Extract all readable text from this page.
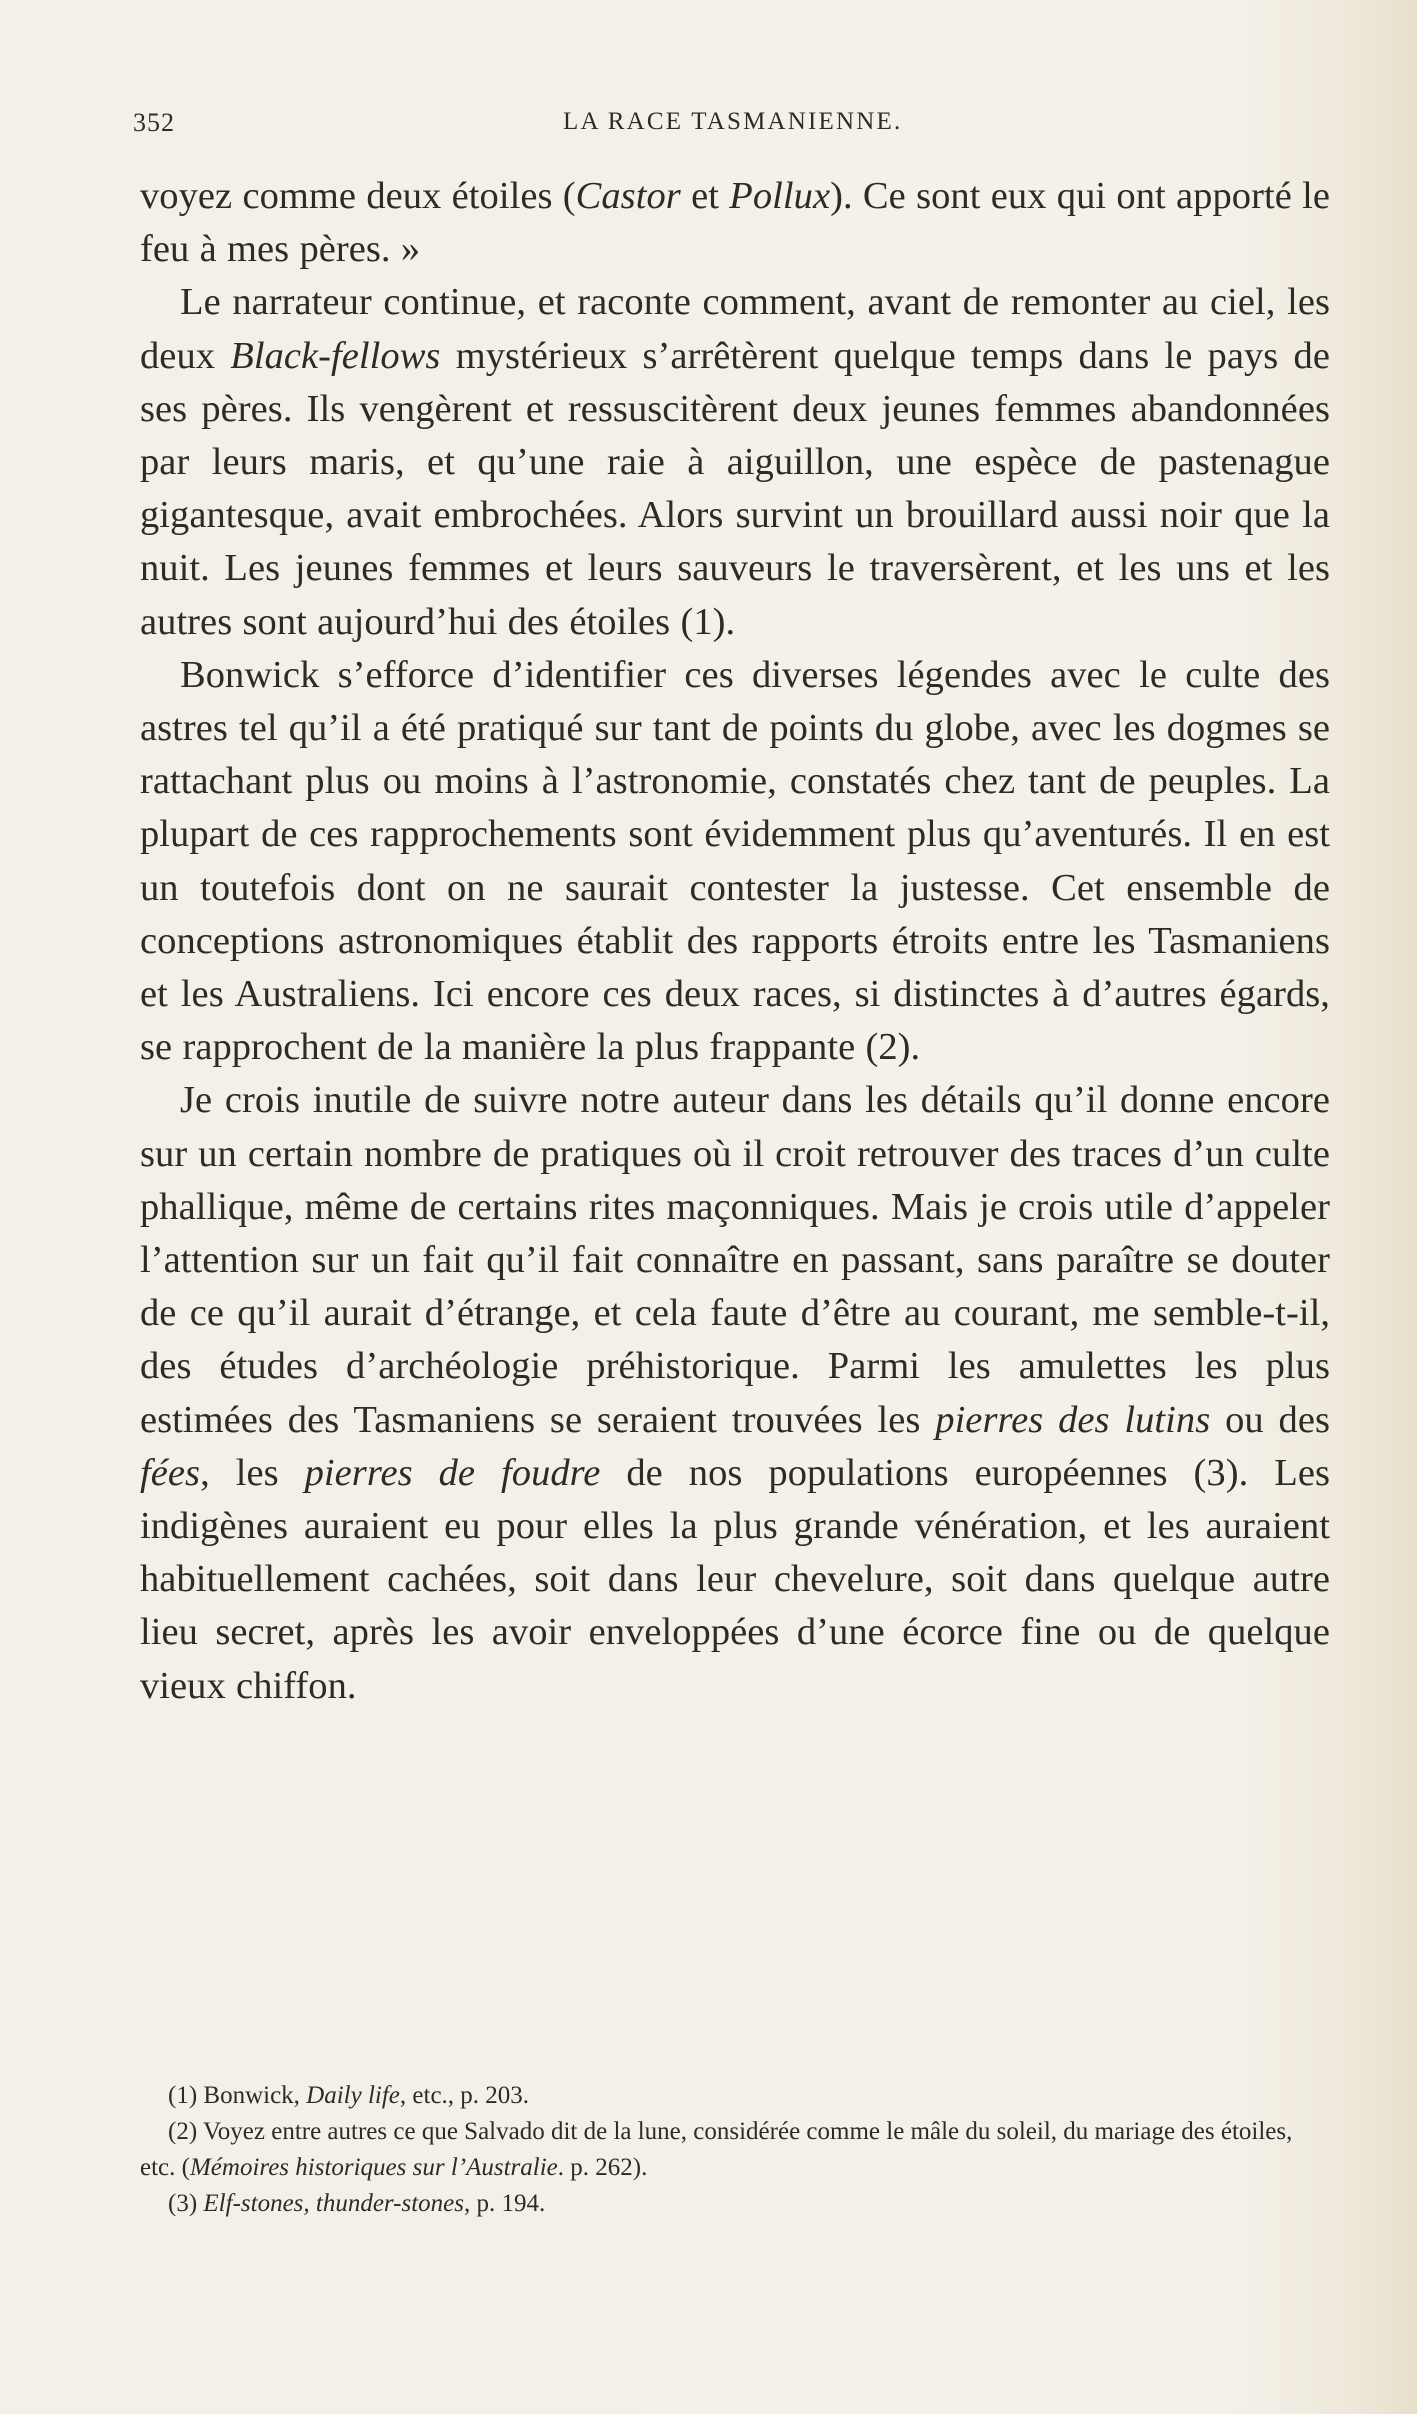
352	LA RACE TASMANIENNE.

voyez comme deux étoiles (Castor et Pollux). Ce sont eux qui ont apporté le feu à mes pères. »

Le narrateur continue, et raconte comment, avant de remonter au ciel, les deux Black-fellows mystérieux s’arrêtèrent quelque temps dans le pays de ses pères. Ils vengèrent et ressuscitèrent deux jeunes femmes abandonnées par leurs maris, et qu’une raie à aiguillon, une espèce de pastenague gigantesque, avait embrochées. Alors survint un brouillard aussi noir que la nuit. Les jeunes femmes et leurs sauveurs le traversèrent, et les uns et les autres sont aujourd’hui des étoiles (1).

Bonwick s’efforce d’identifier ces diverses légendes avec le culte des astres tel qu’il a été pratiqué sur tant de points du globe, avec les dogmes se rattachant plus ou moins à l’astronomie, constatés chez tant de peuples. La plupart de ces rapprochements sont évidemment plus qu’aventurés. Il en est un toutefois dont on ne saurait contester la justesse. Cet ensemble de conceptions astronomiques établit des rapports étroits entre les Tasmaniens et les Australiens. Ici encore ces deux races, si distinctes à d’autres égards, se rapprochent de la manière la plus frappante (2).

Je crois inutile de suivre notre auteur dans les détails qu’il donne encore sur un certain nombre de pratiques où il croit retrouver des traces d’un culte phallique, même de certains rites maçonniques. Mais je crois utile d’appeler l’attention sur un fait qu’il fait connaître en passant, sans paraître se douter de ce qu’il aurait d’étrange, et cela faute d’être au courant, me semble-t-il, des études d’archéologie préhistorique. Parmi les amulettes les plus estimées des Tasmaniens se seraient trouvées les pierres des lutins ou des fées, les pierres de foudre de nos populations européennes (3). Les indigènes auraient eu pour elles la plus grande vénération, et les auraient habituellement cachées, soit dans leur chevelure, soit dans quelque autre lieu secret, après les avoir enveloppées d’une écorce fine ou de quelque vieux chiffon.

(1) Bonwick, Daily life, etc., p. 203.

(2) Voyez entre autres ce que Salvado dit de la lune, considérée comme le mâle du soleil, du mariage des étoiles, etc. (Mémoires historiques sur l’Australie. p. 262).

(3) Elf-stones, thunder-stones, p. 194.
